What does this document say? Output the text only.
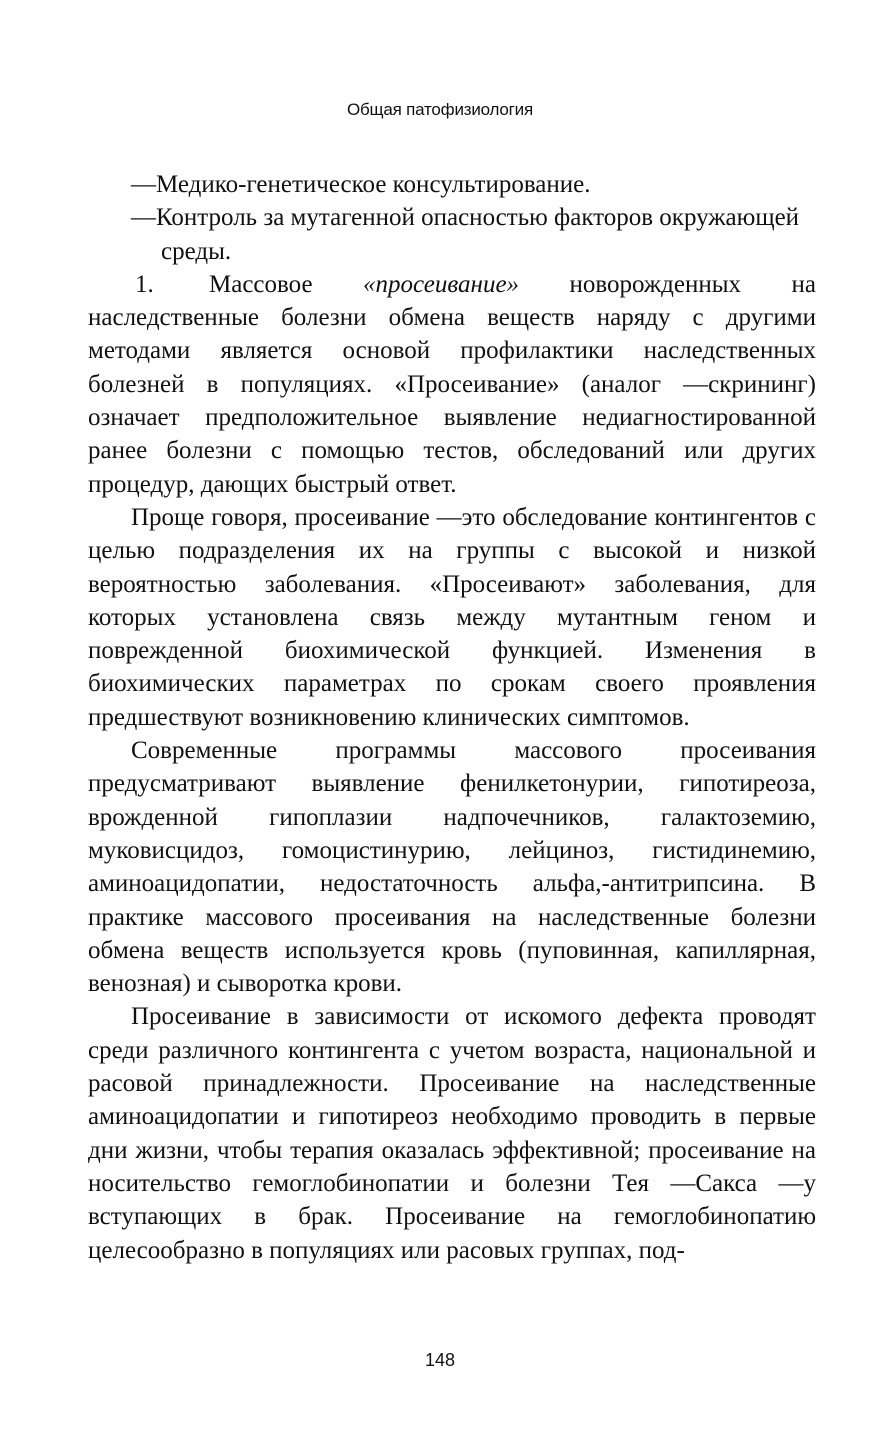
Общая патофизиология

—Медико-генетическое консультирование.

—Контроль за мутагенной опасностью факторов окружающей среды.

1. Массовое «просеивание» новорожденных на наследственные болезни обмена веществ наряду с другими методами является основой профилактики наследственных болезней в популяциях. «Просеивание» (аналог —скрининг) означает предположительное выявление недиагностированной ранее болезни с помощью тестов, обследований или других процедур, дающих быстрый ответ.

Проще говоря, просеивание —это обследование контингентов с целью подразделения их на группы с высокой и низкой вероятностью заболевания. «Просеивают» заболевания, для которых установлена связь между мутантным геном и поврежденной биохимической функцией. Изменения в биохимических параметрах по срокам своего проявления предшествуют возникновению клинических симптомов.

Современные программы массового просеивания предусматривают выявление фенилкетонурии, гипотиреоза, врожденной гипоплазии надпочечников, галактоземию, муковисцидоз, гомоцистинурию, лейциноз, гистидинемию, аминоацидопатии, недостаточность альфа,-антитрипсина. В практике массового просеивания на наследственные болезни обмена веществ используется кровь (пуповинная, капиллярная, венозная) и сыворотка крови.

Просеивание в зависимости от искомого дефекта проводят среди различного контингента с учетом возраста, национальной и расовой принадлежности. Просеивание на наследственные аминоацидопатии и гипотиреоз необходимо проводить в первые дни жизни, чтобы терапия оказалась эффективной; просеивание на носительство гемоглобинопатии и болезни Тея —Сакса —у вступающих в брак. Просеивание на гемоглобинопатию целесообразно в популяциях или расовых группах, под-

148
